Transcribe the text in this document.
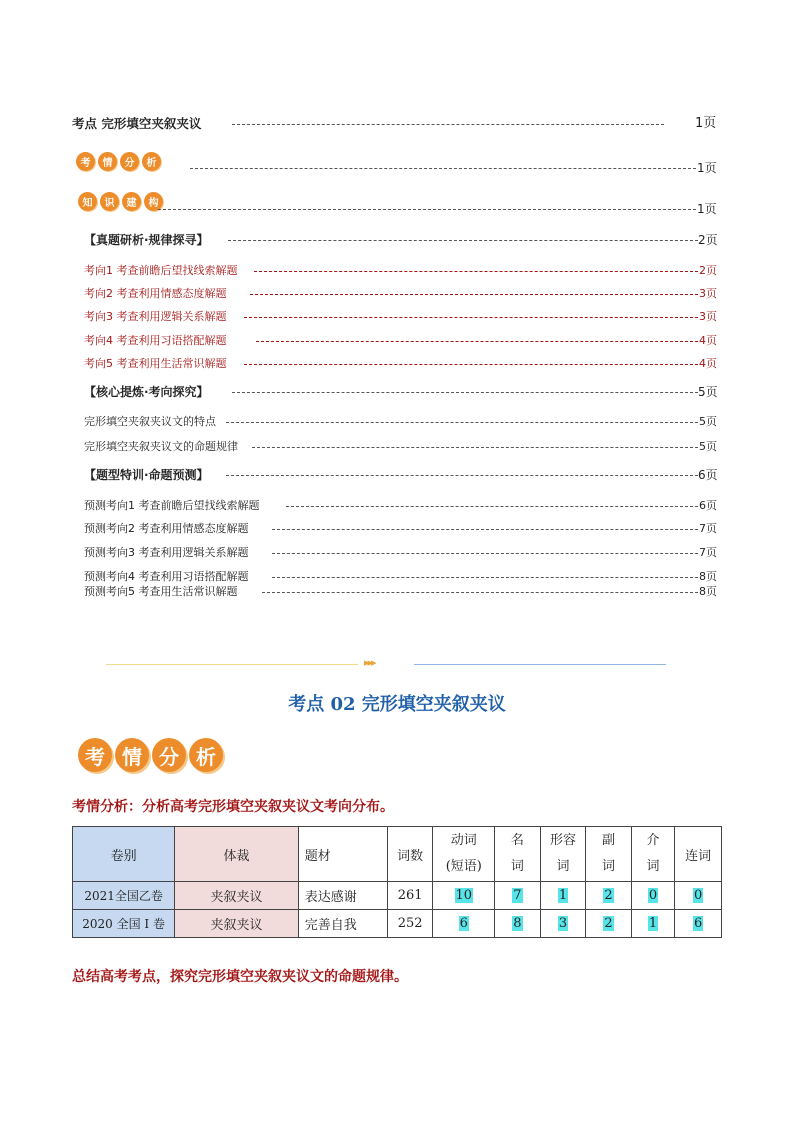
考点 完形填空夹叙夹议	1页
考	情	分	析	1页
知	识	建	构	1页
【真题研析·规律探寻】	2页
考向1 考查前瞻后望找线索解题	2页
考向2 考查利用情感态度解题	3页
考向3 考查利用逻辑关系解题	3页
考向4 考查利用习语搭配解题	4页
考向5 考查利用生活常识解题	4页
【核心提炼·考向探究】	5页
完形填空夹叙夹议文的特点	5页
完形填空夹叙夹议文的命题规律	5页
【题型特训·命题预测】	6页
预测考向1 考查前瞻后望找线索解题	6页
预测考向2 考查利用情感态度解题	7页
预测考向3 考查利用逻辑关系解题	7页
预测考向4 考查利用习语搭配解题	8页
预测考向5 考查用生活常识解题	8页
▸▸▸
考点 02 完形填空夹叙夹议
考 情 分 析
考情分析：分析高考完形填空夹叙夹议文考向分布。
卷别	体裁	题材	词数	动词(短语)	名词	形容词	副词	介词	连词
2021全国乙卷	夹叙夹议	表达感谢	261	10	7	1	2	0	0
2020 全国 I 卷	夹叙夹议	完善自我	252	6	8	3	2	1	6
总结高考考点，探究完形填空夹叙夹议文的命题规律。
